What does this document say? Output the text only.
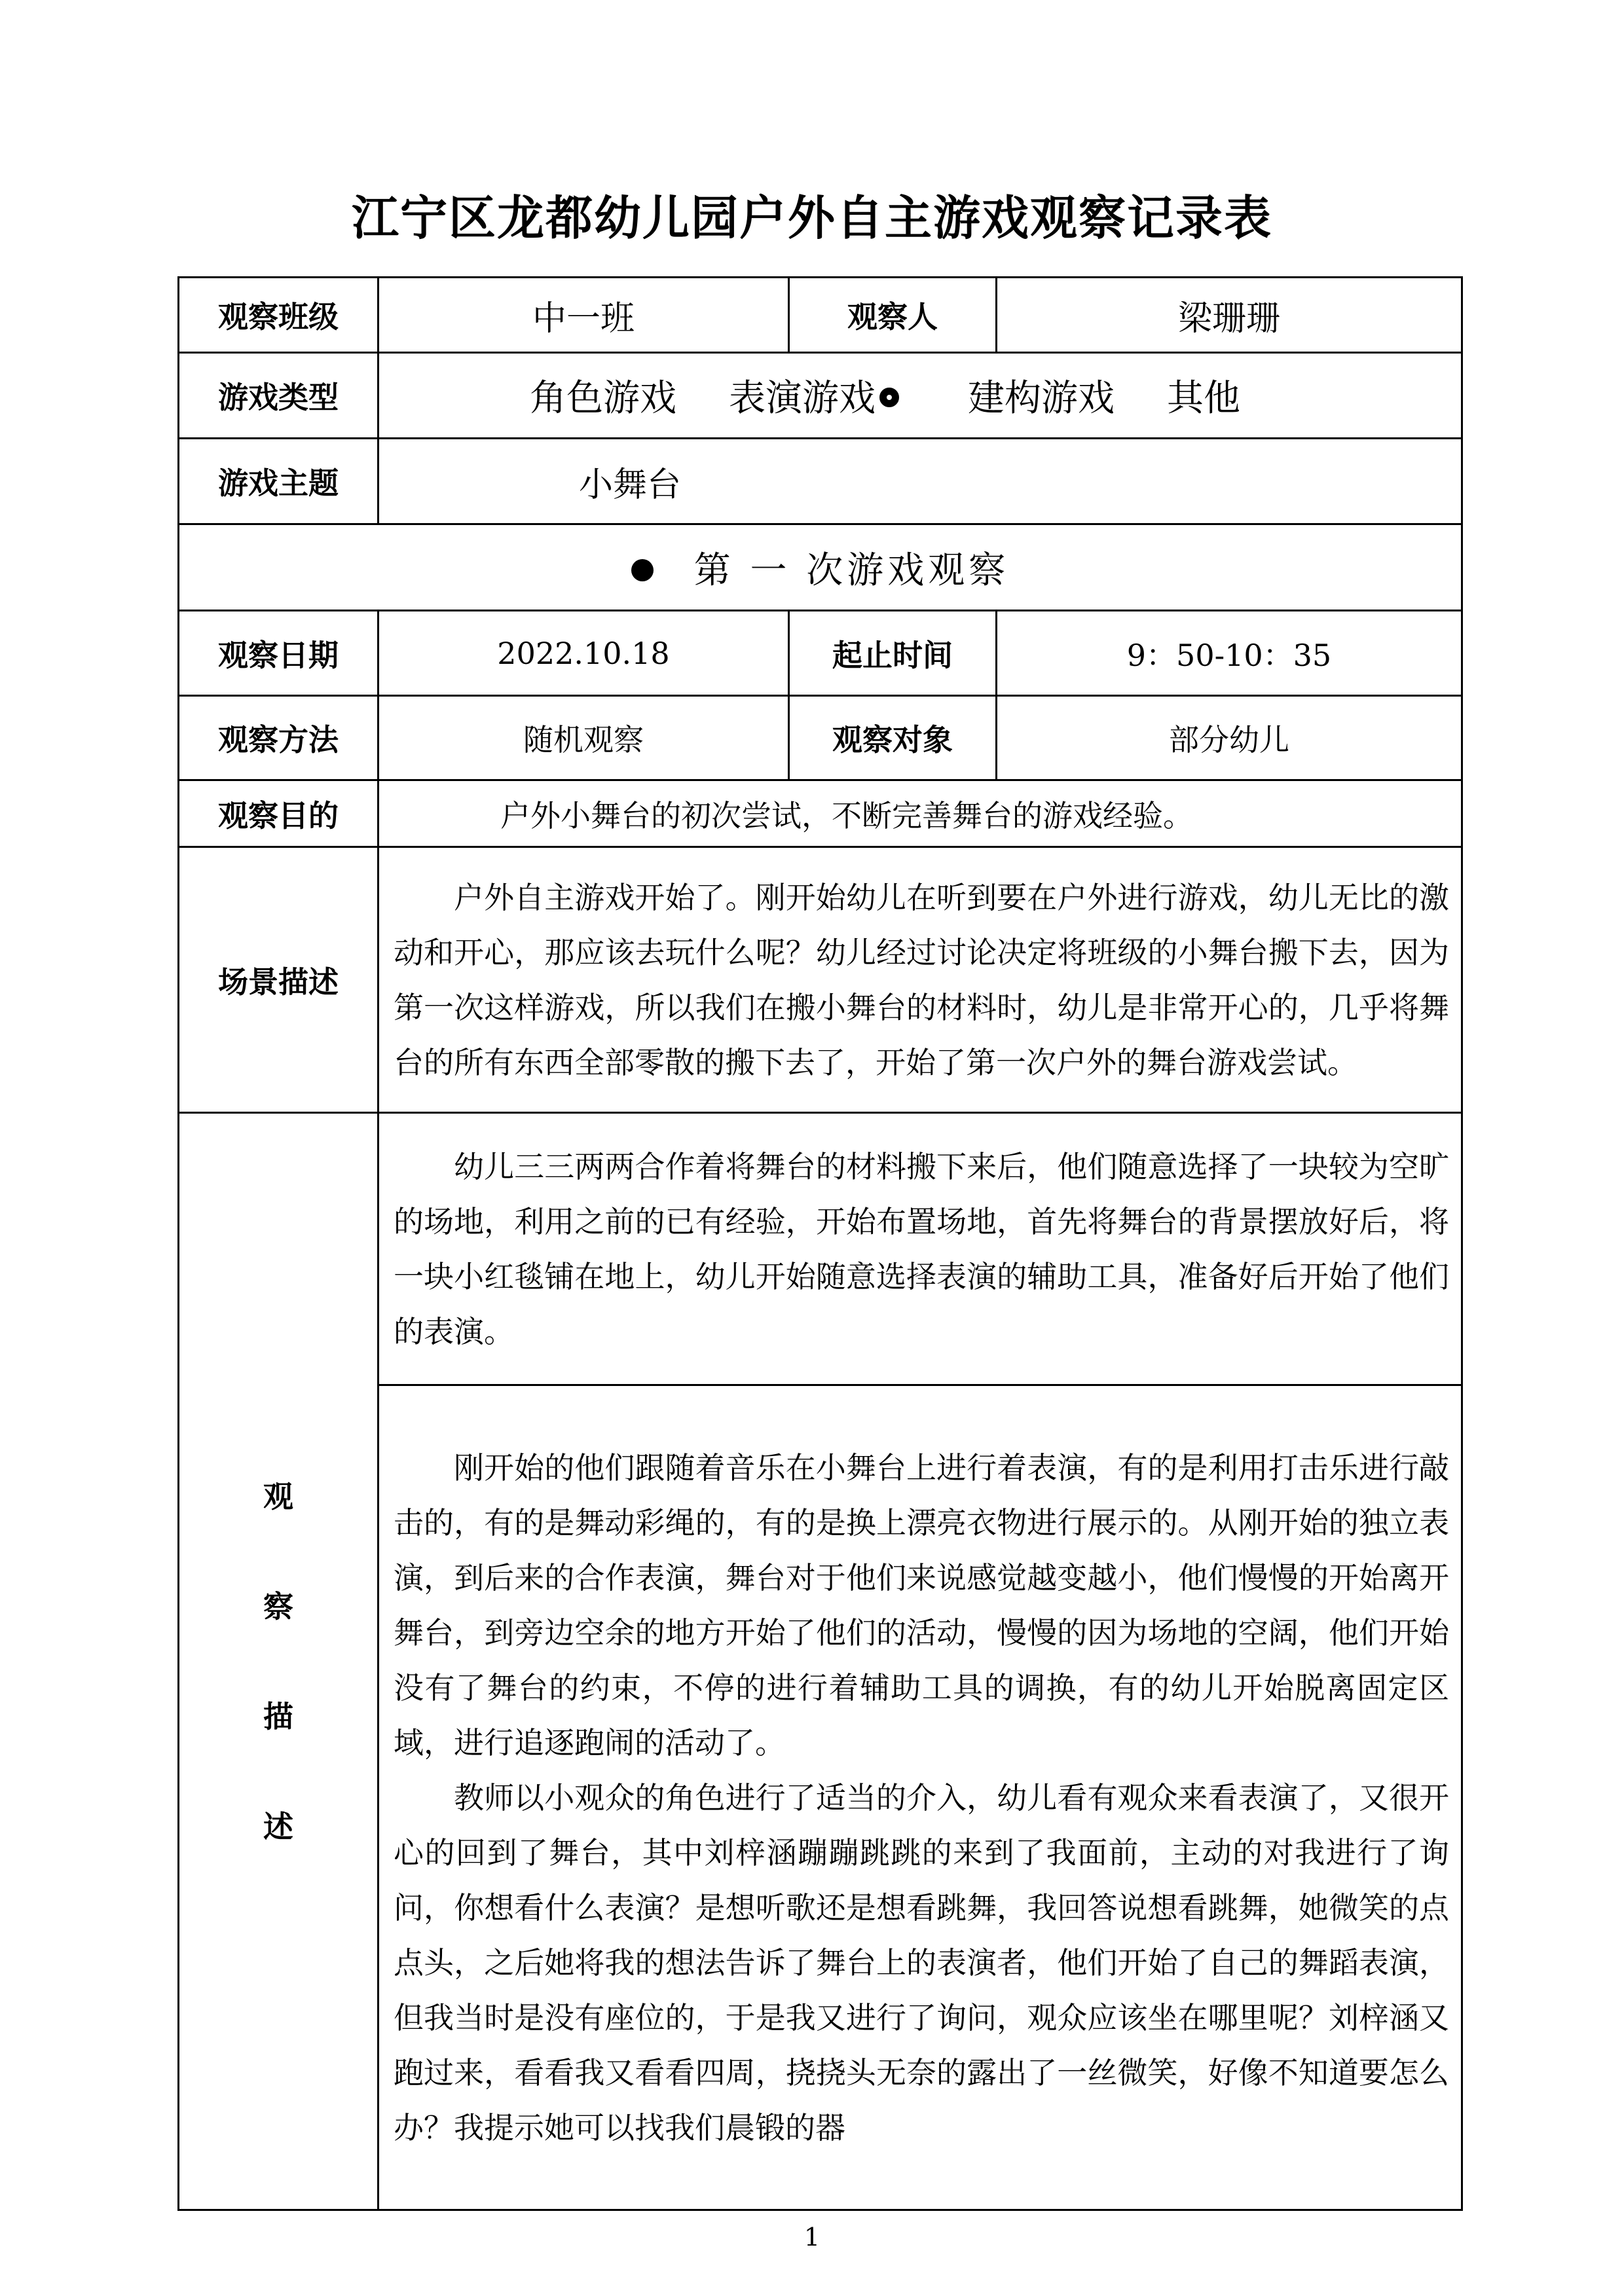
江宁区龙都幼儿园户外自主游戏观察记录表
观察班级	中一班	观察人	梁珊珊
游戏类型	角色游戏 表演游戏 建构游戏 其他		
游戏主题	小舞台		
第 一 次游戏观察			
观察日期	2022.10.18	起止时间	9：50-10：35
观察方法	随机观察	观察对象	部分幼儿
观察目的	户外小舞台的初次尝试，不断完善舞台的游戏经验。		
场景描述	户外自主游戏开始了。刚开始幼儿在听到要在户外进行游戏，幼儿无比的激动和开心，那应该去玩什么呢？幼儿经过讨论决定将班级的小舞台搬下去，因为第一次这样游戏，所以我们在搬小舞台的材料时，幼儿是非常开心的，几乎将舞台的所有东西全部零散的搬下去了，开始了第一次户外的舞台游戏尝试。		

观
察
描
述	幼儿三三两两合作着将舞台的材料搬下来后，他们随意选择了一块较为空旷的场地，利用之前的已有经验，开始布置场地，首先将舞台的背景摆放好后，将一块小红毯铺在地上，幼儿开始随意选择表演的辅助工具，准备好后开始了他们的表演。		

	刚开始的他们跟随着音乐在小舞台上进行着表演，有的是利用打击乐进行敲击的，有的是舞动彩绳的，有的是换上漂亮衣物进行展示的。从刚开始的独立表演，到后来的合作表演，舞台对于他们来说感觉越变越小，他们慢慢的开始离开舞台，到旁边空余的地方开始了他们的活动，慢慢的因为场地的空阔，他们开始没有了舞台的约束，不停的进行着辅助工具的调换，有的幼儿开始脱离固定区域，进行追逐跑闹的活动了。

教师以小观众的角色进行了适当的介入，幼儿看有观众来看表演了，又很开心的回到了舞台，其中刘梓涵蹦蹦跳跳的来到了我面前，主动的对我进行了询问，你想看什么表演？是想听歌还是想看跳舞，我回答说想看跳舞，她微笑的点点头，之后她将我的想法告诉了舞台上的表演者，他们开始了自己的舞蹈表演，但我当时是没有座位的，于是我又进行了询问，观众应该坐在哪里呢？刘梓涵又跑过来，看看我又看看四周，挠挠头无奈的露出了一丝微笑，好像不知道要怎么办？我提示她可以找我们晨锻的器		

1
